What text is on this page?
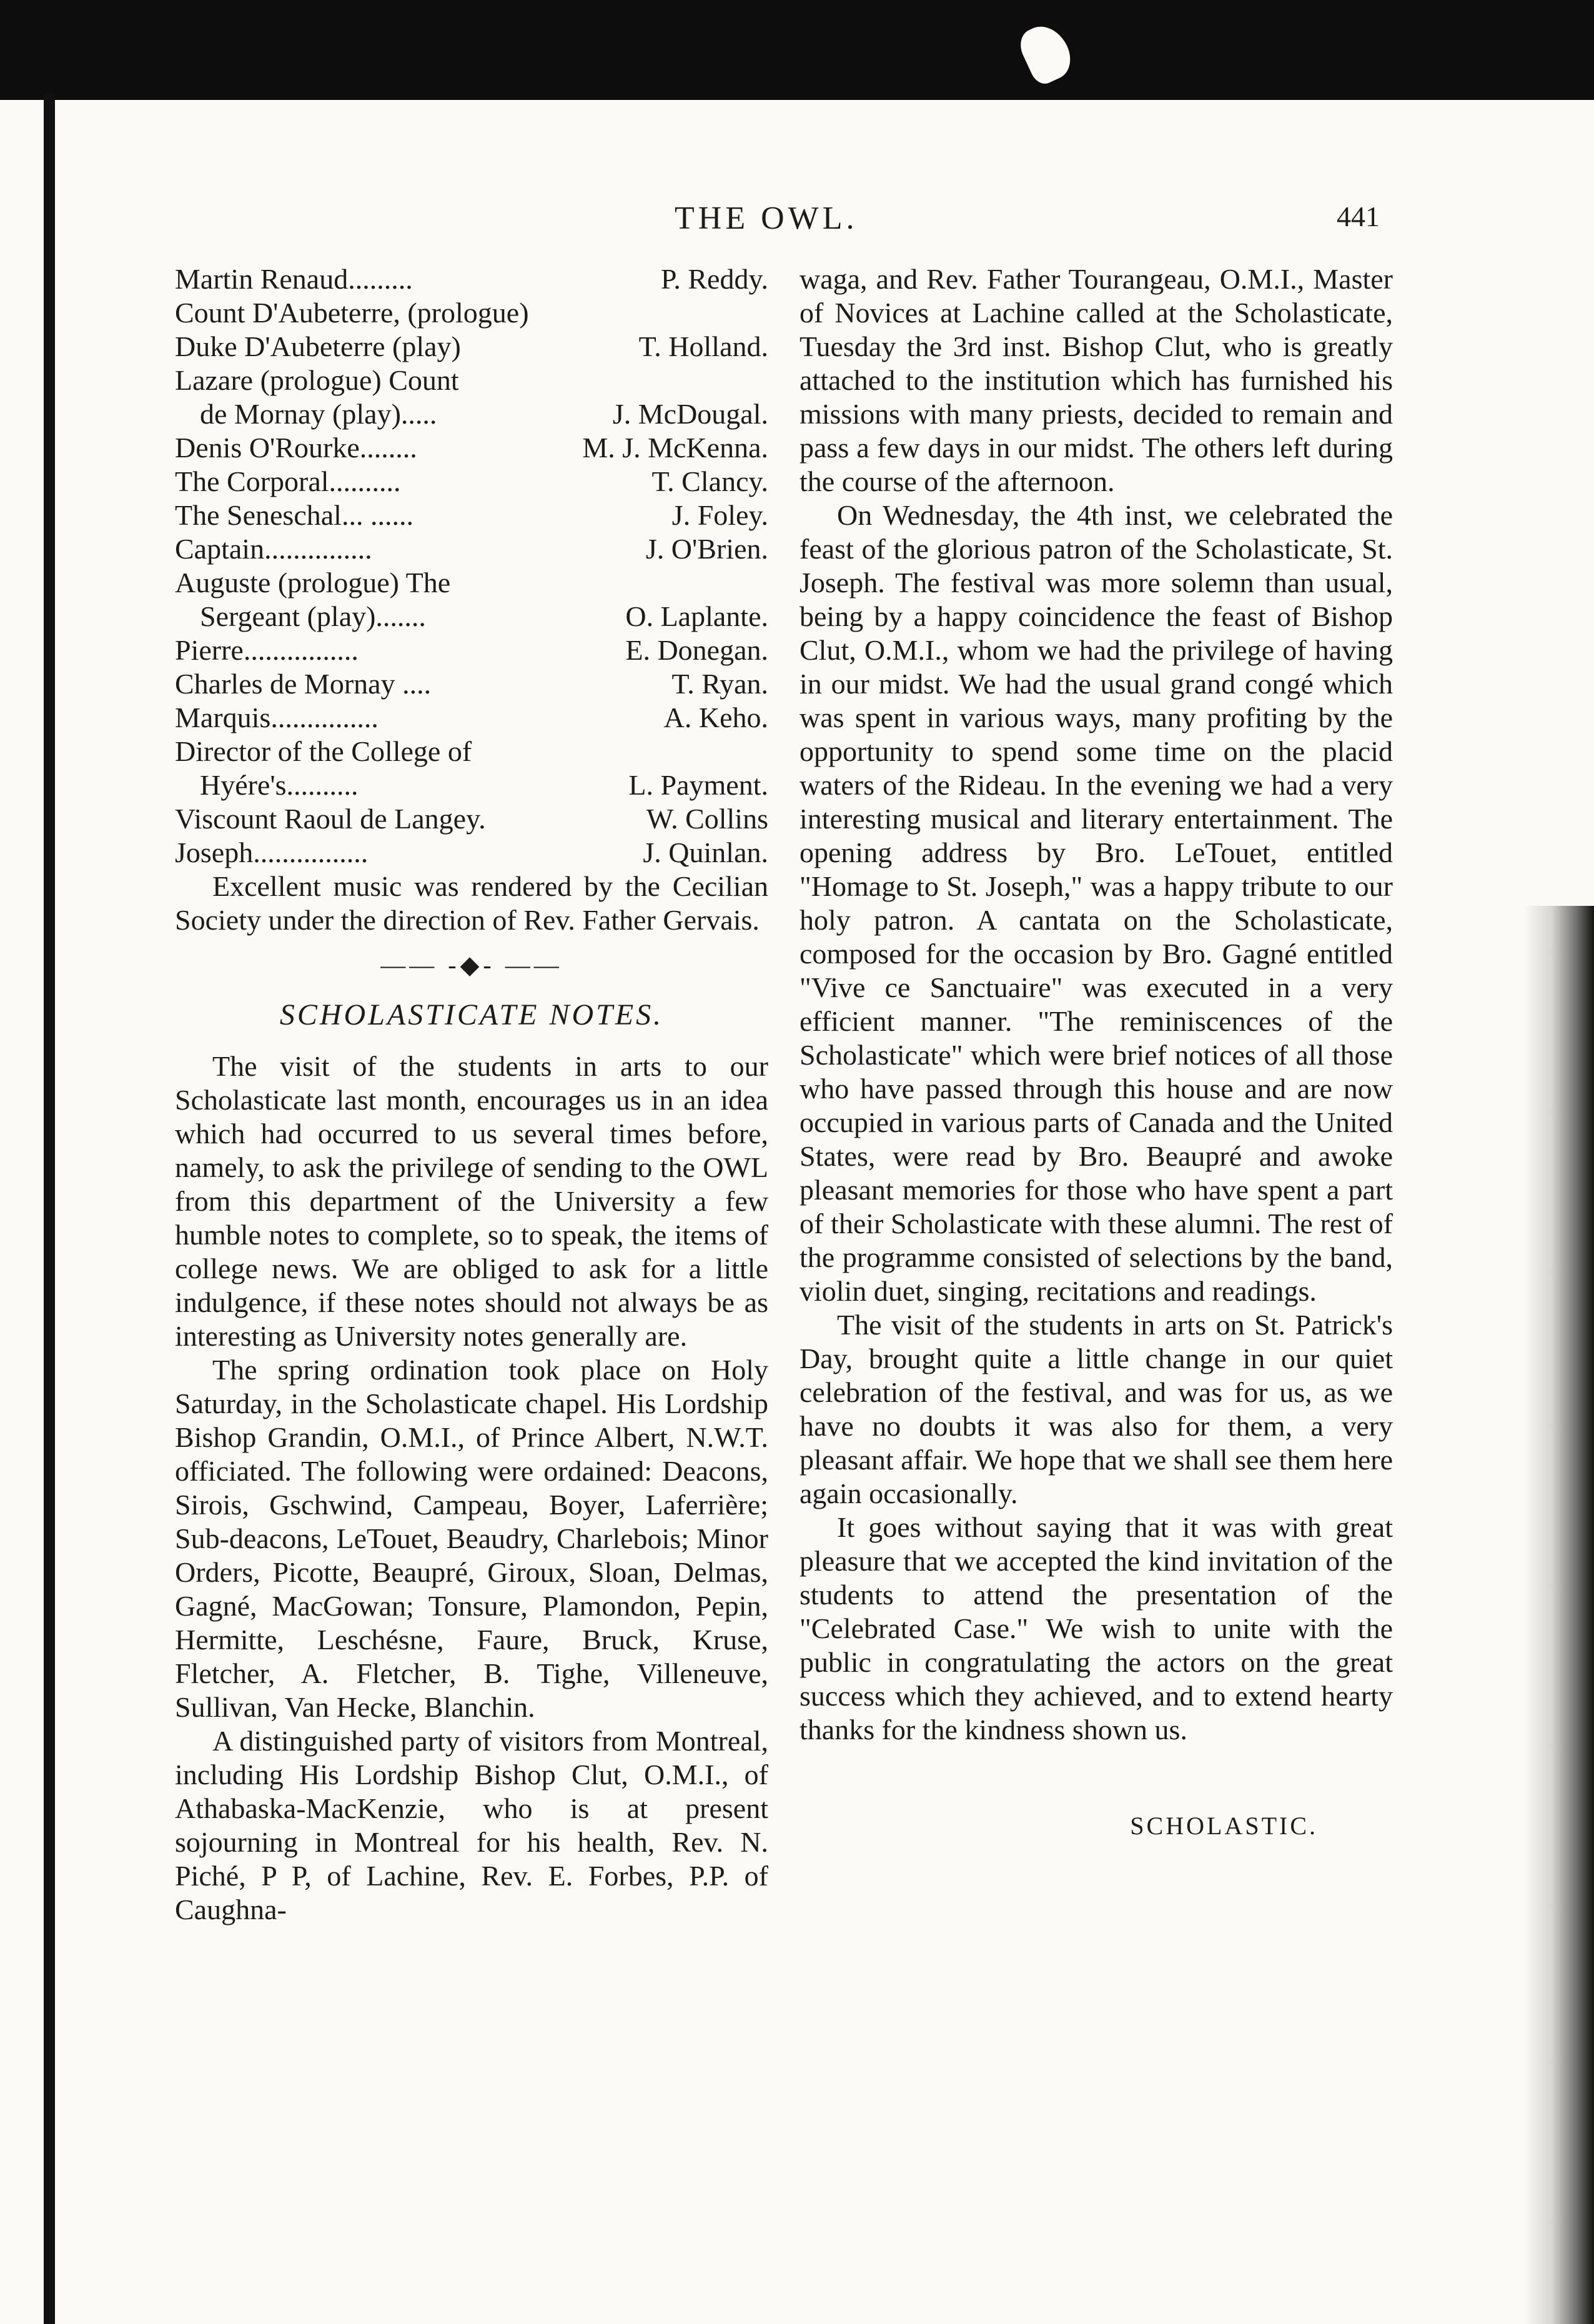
THE OWL.	441
Martin Renaud.........	P. Reddy.
Count D'Aubeterre, (prologue)
Duke D'Aubeterre (play)	T. Holland.
Lazare (prologue) Count
de Mornay (play).....	J. McDougal.
Denis O'Rourke........	M. J. McKenna.
The Corporal..........	T. Clancy.
The Seneschal... ......	J. Foley.
Captain...............	J. O'Brien.
Auguste (prologue) The
Sergeant (play).......	O. Laplante.
Pierre................	E. Donegan.
Charles de Mornay ....	T. Ryan.
Marquis...............	A. Keho.
Director of the College of
Hyére's..........	L. Payment.
Viscount Raoul de Langey.	W. Collins
Joseph................	J. Quinlan.

Excellent music was rendered by the Cecilian Society under the direction of Rev. Father Gervais.

—— -◆- ——
SCHOLASTICATE NOTES.

The visit of the students in arts to our Scholasticate last month, encourages us in an idea which had occurred to us several times before, namely, to ask the privilege of sending to the OWL from this department of the University a few humble notes to complete, so to speak, the items of college news. We are obliged to ask for a little indulgence, if these notes should not always be as interesting as University notes generally are.

The spring ordination took place on Holy Saturday, in the Scholasticate chapel. His Lordship Bishop Grandin, O.M.I., of Prince Albert, N.W.T. officiated. The following were ordained: Deacons, Sirois, Gschwind, Campeau, Boyer, Laferrière; Sub-deacons, LeTouet, Beaudry, Charlebois; Minor Orders, Picotte, Beaupré, Giroux, Sloan, Delmas, Gagné, MacGowan; Tonsure, Plamondon, Pepin, Hermitte, Leschésne, Faure, Bruck, Kruse, Fletcher, A. Fletcher, B. Tighe, Villeneuve, Sullivan, Van Hecke, Blanchin.

A distinguished party of visitors from Montreal, including His Lordship Bishop Clut, O.M.I., of Athabaska-MacKenzie, who is at present sojourning in Montreal for his health, Rev. N. Piché, P P, of Lachine, Rev. E. Forbes, P.P. of Caughna-

waga, and Rev. Father Tourangeau, O.M.I., Master of Novices at Lachine called at the Scholasticate, Tuesday the 3rd inst. Bishop Clut, who is greatly attached to the institution which has furnished his missions with many priests, decided to remain and pass a few days in our midst. The others left during the course of the afternoon.

On Wednesday, the 4th inst, we celebrated the feast of the glorious patron of the Scholasticate, St. Joseph. The festival was more solemn than usual, being by a happy coincidence the feast of Bishop Clut, O.M.I., whom we had the privilege of having in our midst. We had the usual grand congé which was spent in various ways, many profiting by the opportunity to spend some time on the placid waters of the Rideau. In the evening we had a very interesting musical and literary entertainment. The opening address by Bro. LeTouet, entitled "Homage to St. Joseph," was a happy tribute to our holy patron. A cantata on the Scholasticate, composed for the occasion by Bro. Gagné entitled "Vive ce Sanctuaire" was executed in a very efficient manner. "The reminiscences of the Scholasticate" which were brief notices of all those who have passed through this house and are now occupied in various parts of Canada and the United States, were read by Bro. Beaupré and awoke pleasant memories for those who have spent a part of their Scholasticate with these alumni. The rest of the programme consisted of selections by the band, violin duet, singing, recitations and readings.

The visit of the students in arts on St. Patrick's Day, brought quite a little change in our quiet celebration of the festival, and was for us, as we have no doubts it was also for them, a very pleasant affair. We hope that we shall see them here again occasionally.

It goes without saying that it was with great pleasure that we accepted the kind invitation of the students to attend the presentation of the "Celebrated Case." We wish to unite with the public in congratulating the actors on the great success which they achieved, and to extend hearty thanks for the kindness shown us.

SCHOLASTIC.
